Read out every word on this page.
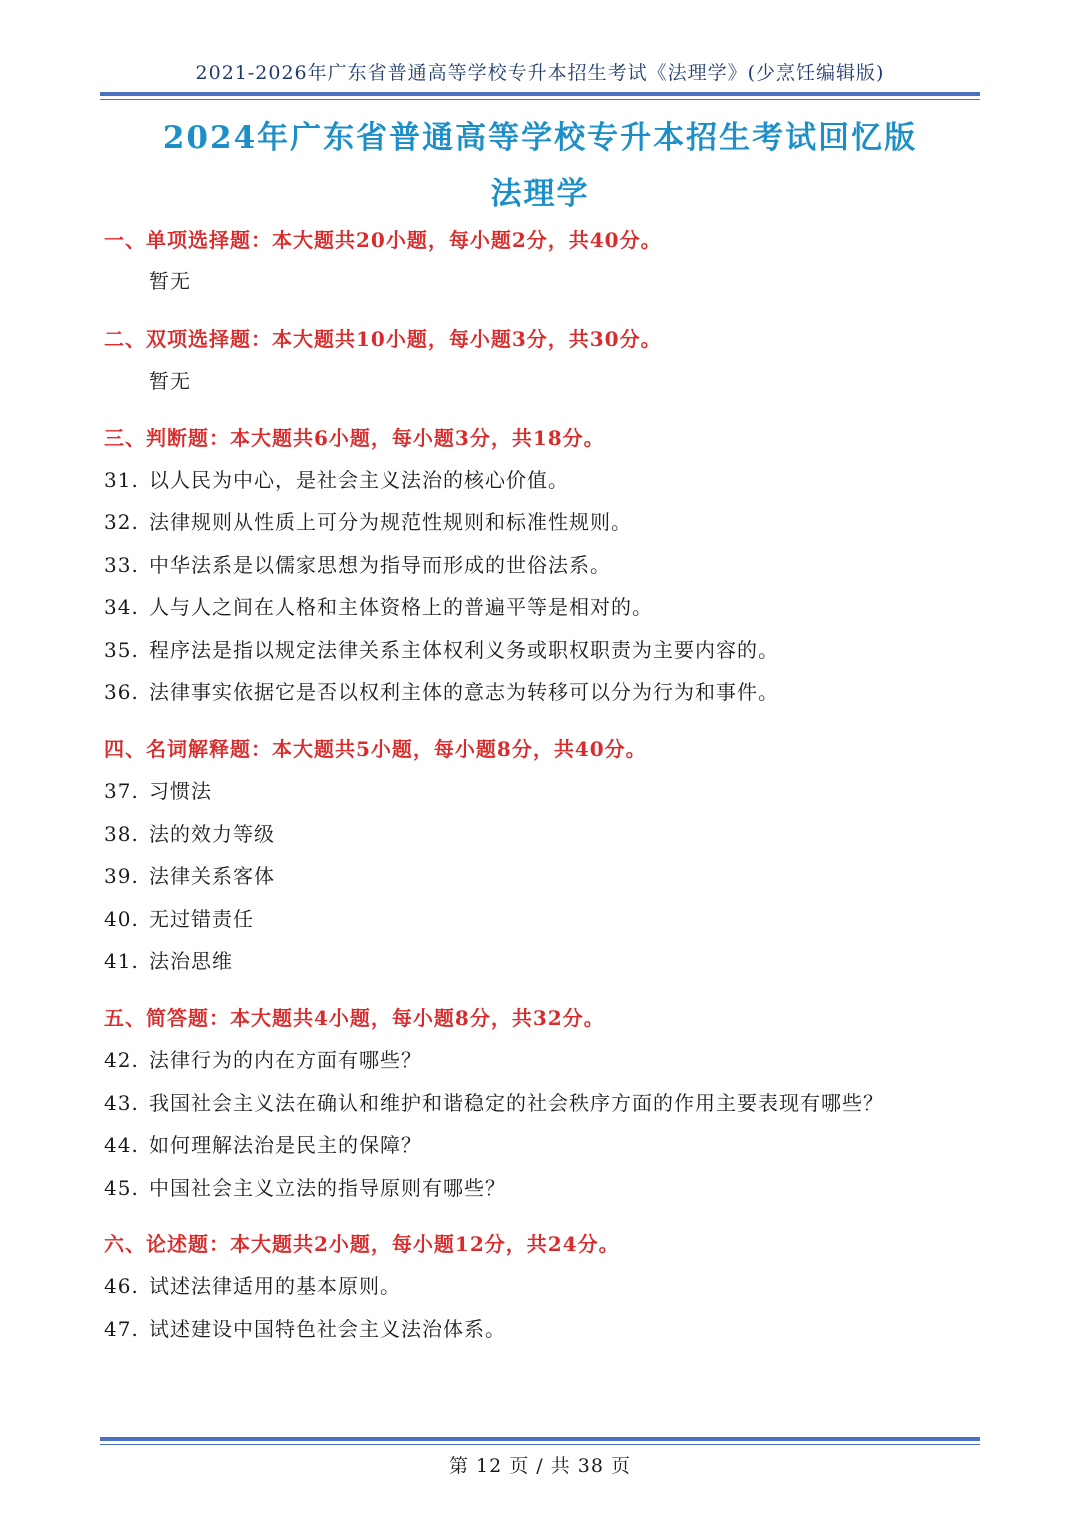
2021-2026年广东省普通高等学校专升本招生考试《法理学》(少烹饪编辑版)
2024年广东省普通高等学校专升本招生考试回忆版
法理学
一、单项选择题：本大题共20小题，每小题2分，共40分。
暂无
二、双项选择题：本大题共10小题，每小题3分，共30分。
暂无
三、判断题：本大题共6小题，每小题3分，共18分。
31. 以人民为中心，是社会主义法治的核心价值。
32. 法律规则从性质上可分为规范性规则和标准性规则。
33. 中华法系是以儒家思想为指导而形成的世俗法系。
34. 人与人之间在人格和主体资格上的普遍平等是相对的。
35. 程序法是指以规定法律关系主体权利义务或职权职责为主要内容的。
36. 法律事实依据它是否以权利主体的意志为转移可以分为行为和事件。
四、名词解释题：本大题共5小题，每小题8分，共40分。
37. 习惯法
38. 法的效力等级
39. 法律关系客体
40. 无过错责任
41. 法治思维
五、简答题：本大题共4小题，每小题8分，共32分。
42. 法律行为的内在方面有哪些？
43. 我国社会主义法在确认和维护和谐稳定的社会秩序方面的作用主要表现有哪些？
44. 如何理解法治是民主的保障？
45. 中国社会主义立法的指导原则有哪些？
六、论述题：本大题共2小题，每小题12分，共24分。
46. 试述法律适用的基本原则。
47. 试述建设中国特色社会主义法治体系。
第 12 页 / 共 38 页
